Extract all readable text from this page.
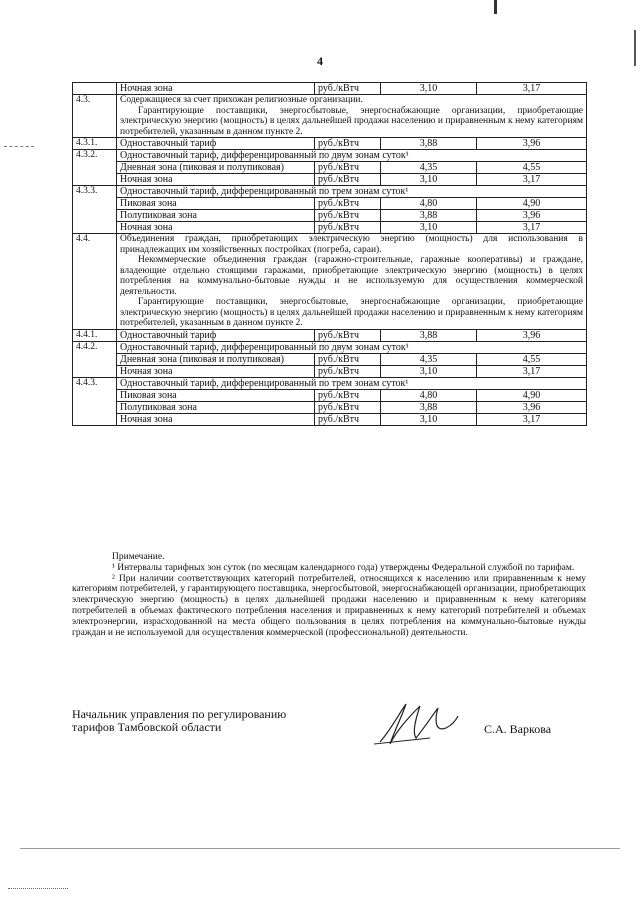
4
	Ночная зона	руб./кВтч	3,10	3,17
4.3.	Содержащиеся за счет прихожан религиозные организации.

Гарантирующие поставщики, энергосбытовые, энергоснабжающие организации, приобретающие электрическую энергию (мощность) в целях дальнейшей продажи населению и приравненным к нему категориям потребителей, указанным в данном пункте 2.			

4.3.1.	Одноставочный тариф	руб./кВтч	3,88	3,96
4.3.2.	Одноставочный тариф, дифференцированный по двум зонам суток¹			
	Дневная зона (пиковая и полупиковая)	руб./кВтч	4,35	4,55
	Ночная зона	руб./кВтч	3,10	3,17
4.3.3.	Одноставочный тариф, дифференцированный по трем зонам суток¹			
	Пиковая зона	руб./кВтч	4,80	4,90
	Полупиковая зона	руб./кВтч	3,88	3,96
	Ночная зона	руб./кВтч	3,10	3,17
4.4.	Объединения граждан, приобретающих электрическую энергию (мощность) для использования в принадлежащих им хозяйственных постройках (погреба, сараи).

Некоммерческие объединения граждан (гаражно-строительные, гаражные кооперативы) и граждане, владеющие отдельно стоящими гаражами, приобретающие электрическую энергию (мощность) в целях потребления на коммунально-бытовые нужды и не используемую для осуществления коммерческой деятельности.

Гарантирующие поставщики, энергосбытовые, энергоснабжающие организации, приобретающие электрическую энергию (мощность) в целях дальнейшей продажи населению и приравненным к нему категориям потребителей, указанным в данном пункте 2.			

4.4.1.	Одноставочный тариф	руб./кВтч	3,88	3,96
4.4.2.	Одноставочный тариф, дифференцированный по двум зонам суток¹			
	Дневная зона (пиковая и полупиковая)	руб./кВтч	4,35	4,55
	Ночная зона	руб./кВтч	3,10	3,17
4.4.3.	Одноставочный тариф, дифференцированный по трем зонам суток¹			
	Пиковая зона	руб./кВтч	4,80	4,90
	Полупиковая зона	руб./кВтч	3,88	3,96
	Ночная зона	руб./кВтч	3,10	3,17

Примечание.

¹ Интервалы тарифных зон суток (по месяцам календарного года) утверждены Федеральной службой по тарифам.

² При наличии соответствующих категорий потребителей, относящихся к населению или приравненным к нему категориям потребителей, у гарантирующего поставщика, энергосбытовой, энергоснабжающей организации, приобретающих электрическую энергию (мощность) в целях дальнейшей продажи населению и приравненным к нему категориям потребителей в объемах фактического потребления населения и приравненных к нему категорий потребителей и объемах электроэнергии, израсходованной на места общего пользования в целях потребления на коммунально-бытовые нужды граждан и не используемой для осуществления коммерческой (профессиональной) деятельности.

Начальник управления по регулированию
тарифов Тамбовской области	С.А. Варкова
